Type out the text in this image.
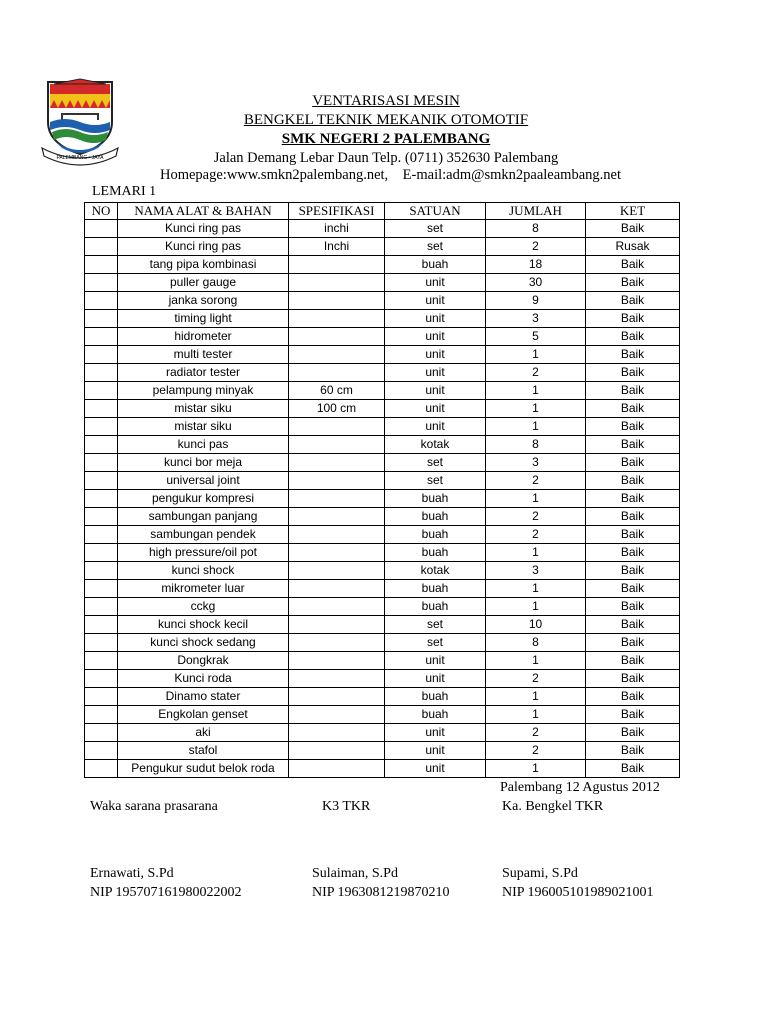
PALEMBANG • JAYA
VENTARISASI MESIN
BENGKEL TEKNIK MEKANIK OTOMOTIF
SMK NEGERI 2 PALEMBANG
Jalan Demang Lebar Daun Telp. (0711) 352630 Palembang
Homepage:www.smkn2palembang.net,    E-mail:adm@smkn2paaleambang.net
LEMARI 1
NO	NAMA ALAT & BAHAN	SPESIFIKASI	SATUAN	JUMLAH	KET
	Kunci ring pas	inchi	set	8	Baik
	Kunci ring pas	Inchi	set	2	Rusak
	tang pipa kombinasi		buah	18	Baik
	puller gauge		unit	30	Baik
	janka sorong		unit	9	Baik
	timing light		unit	3	Baik
	hidrometer		unit	5	Baik
	multi tester		unit	1	Baik
	radiator tester		unit	2	Baik
	pelampung minyak	60 cm	unit	1	Baik
	mistar siku	100 cm	unit	1	Baik
	mistar siku		unit	1	Baik
	kunci pas		kotak	8	Baik
	kunci bor meja		set	3	Baik
	universal joint		set	2	Baik
	pengukur kompresi		buah	1	Baik
	sambungan panjang		buah	2	Baik
	sambungan pendek		buah	2	Baik
	high pressure/oil pot		buah	1	Baik
	kunci shock		kotak	3	Baik
	mikrometer luar		buah	1	Baik
	cckg		buah	1	Baik
	kunci shock kecil		set	10	Baik
	kunci shock sedang		set	8	Baik
	Dongkrak		unit	1	Baik
	Kunci roda		unit	2	Baik
	Dinamo stater		buah	1	Baik
	Engkolan genset		buah	1	Baik
	aki		unit	2	Baik
	stafol		unit	2	Baik
	Pengukur sudut belok roda		unit	1	Baik
Palembang 12 Agustus 2012
Waka sarana prasarana	K3 TKR	Ka. Bengkel TKR
Ernawati, S.Pd	Sulaiman, S.Pd	Supami, S.Pd
NIP 195707161980022002	NIP 1963081219870210	NIP 196005101989021001
